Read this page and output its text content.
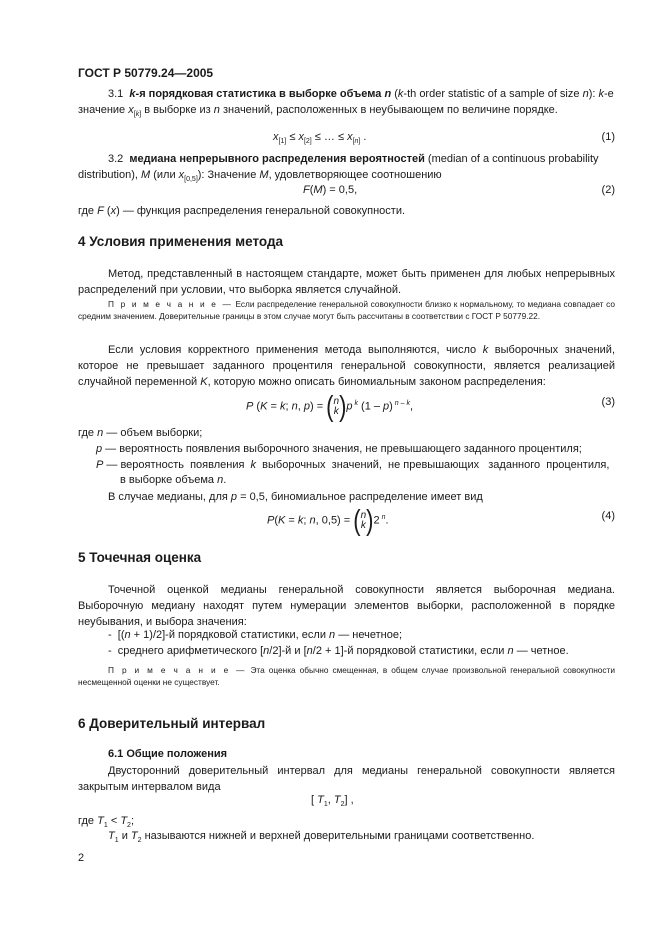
ГОСТ Р 50779.24—2005
3.1 k-я порядковая статистика в выборке объема n (k-th order statistic of a sample of size n): k-е
значение $x_{[k]}$ в выборке из n значений, расположенных в неубывающем по величине порядке.
$x_{[1]} \le x_{[2]}$ ≤ … ≤ $x_{[n]}$ .	(1)
3.2 медиана непрерывного распределения вероятностей (median of a continuous probability
distribution), M (или $x_{[0,5]}$): Значение M, удовлетворяющее соотношению
F(M) = 0,5,	(2)
где F (x) — функция распределения генеральной совокупности.
4 Условия применения метода
Метод, представленный в настоящем стандарте, может быть применен для любых непрерывных распределений при условии, что выборка является случайной.
П р и м е ч а н и е — Если распределение генеральной совокупности близко к нормальному, то медиана совпадает со средним значением. Доверительные границы в этом случае могут быть рассчитаны в соответствии с ГОСТ Р 50779.22.
Если условия корректного применения метода выполняются, число k выборочных значений, которое не превышает заданного процентиля генеральной совокупности, является реализацией случайной переменной K, которую можно описать биномиальным законом распределения:
P (K = k; n, p) = (n
k)p $^k$ (1 – p) $^{n - k}$,	(3)
где n — объем выборки;
p — вероятность появления выборочного значения, не превышающего заданного процентиля;
P — вероятность  появления  k  выборочных  значений,  не превышающих   заданного  процентиля,
в выборке объема n.
В случае медианы, для p = 0,5, биномиальное распределение имеет вид
P(K = k; n, 0,5) = (n
k)2 $^n$.	(4)
5 Точечная оценка
Точечной оценкой медианы генеральной совокупности является выборочная медиана. Выборочную медиану находят путем нумерации элементов выборки, расположенной в порядке неубывания, и выбора значения:
-  [(n + 1)/2]-й порядковой статистики, если n — нечетное;
-  среднего арифметического [n/2]-й и [n/2 + 1]-й порядковой статистики, если n — четное.
П р и м е ч а н и е — Эта оценка обычно смещенная, в общем случае произвольной генеральной совокупности несмещенной оценки не существует.
6 Доверительный интервал
6.1 Общие положения
Двусторонний доверительный интервал для медианы генеральной совокупности является закрытым интервалом вида
[ $T_1$, $T_2$] ,
где $T_1 < T_2$;
$T_1$ и $T_2$ называются нижней и верхней доверительными границами соответственно.
2
